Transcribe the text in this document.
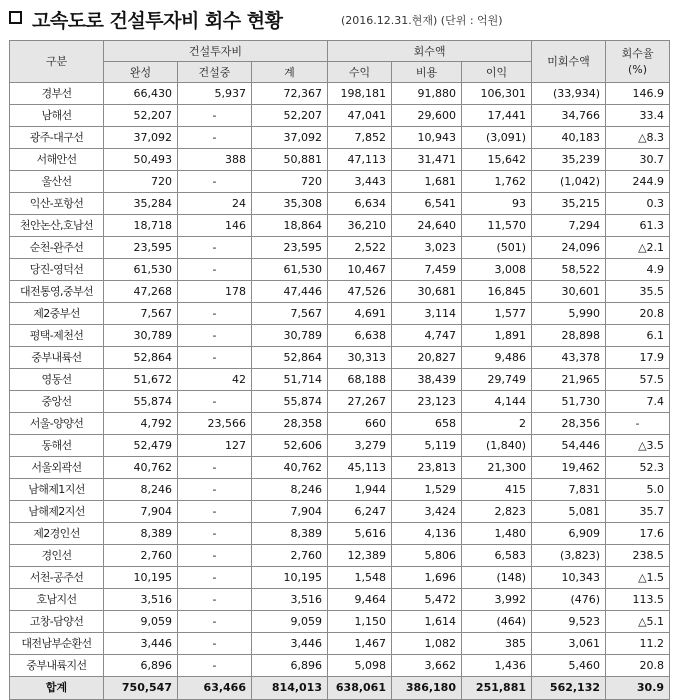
고속도로 건설투자비 회수 현황	(2016.12.31.현재) (단위 : 억원)
구분	건설투자비			회수액			미회수액	회수율
(%)

	완성	건설중	계	수익	비용	이익		
경부선	66,430	5,937	72,367	198,181	91,880	106,301	(33,934)	146.9
남해선	52,207	-	52,207	47,041	29,600	17,441	34,766	33.4
광주-대구선	37,092	-	37,092	7,852	10,943	(3,091)	40,183	△8.3
서해안선	50,493	388	50,881	47,113	31,471	15,642	35,239	30.7
울산선	720	-	720	3,443	1,681	1,762	(1,042)	244.9
익산-포항선	35,284	24	35,308	6,634	6,541	93	35,215	0.3
천안논산,호남선	18,718	146	18,864	36,210	24,640	11,570	7,294	61.3
순천-완주선	23,595	-	23,595	2,522	3,023	(501)	24,096	△2.1
당진-영덕선	61,530	-	61,530	10,467	7,459	3,008	58,522	4.9
대전통영,중부선	47,268	178	47,446	47,526	30,681	16,845	30,601	35.5
제2중부선	7,567	-	7,567	4,691	3,114	1,577	5,990	20.8
평택-제천선	30,789	-	30,789	6,638	4,747	1,891	28,898	6.1
중부내륙선	52,864	-	52,864	30,313	20,827	9,486	43,378	17.9
영동선	51,672	42	51,714	68,188	38,439	29,749	21,965	57.5
중앙선	55,874	-	55,874	27,267	23,123	4,144	51,730	7.4
서울-양양선	4,792	23,566	28,358	660	658	2	28,356	-
동해선	52,479	127	52,606	3,279	5,119	(1,840)	54,446	△3.5
서울외곽선	40,762	-	40,762	45,113	23,813	21,300	19,462	52.3
남해제1지선	8,246	-	8,246	1,944	1,529	415	7,831	5.0
남해제2지선	7,904	-	7,904	6,247	3,424	2,823	5,081	35.7
제2경인선	8,389	-	8,389	5,616	4,136	1,480	6,909	17.6
경인선	2,760	-	2,760	12,389	5,806	6,583	(3,823)	238.5
서천-공주선	10,195	-	10,195	1,548	1,696	(148)	10,343	△1.5
호남지선	3,516	-	3,516	9,464	5,472	3,992	(476)	113.5
고창-담양선	9,059	-	9,059	1,150	1,614	(464)	9,523	△5.1
대전남부순환선	3,446	-	3,446	1,467	1,082	385	3,061	11.2
중부내륙지선	6,896	-	6,896	5,098	3,662	1,436	5,460	20.8
합계	750,547	63,466	814,013	638,061	386,180	251,881	562,132	30.9
